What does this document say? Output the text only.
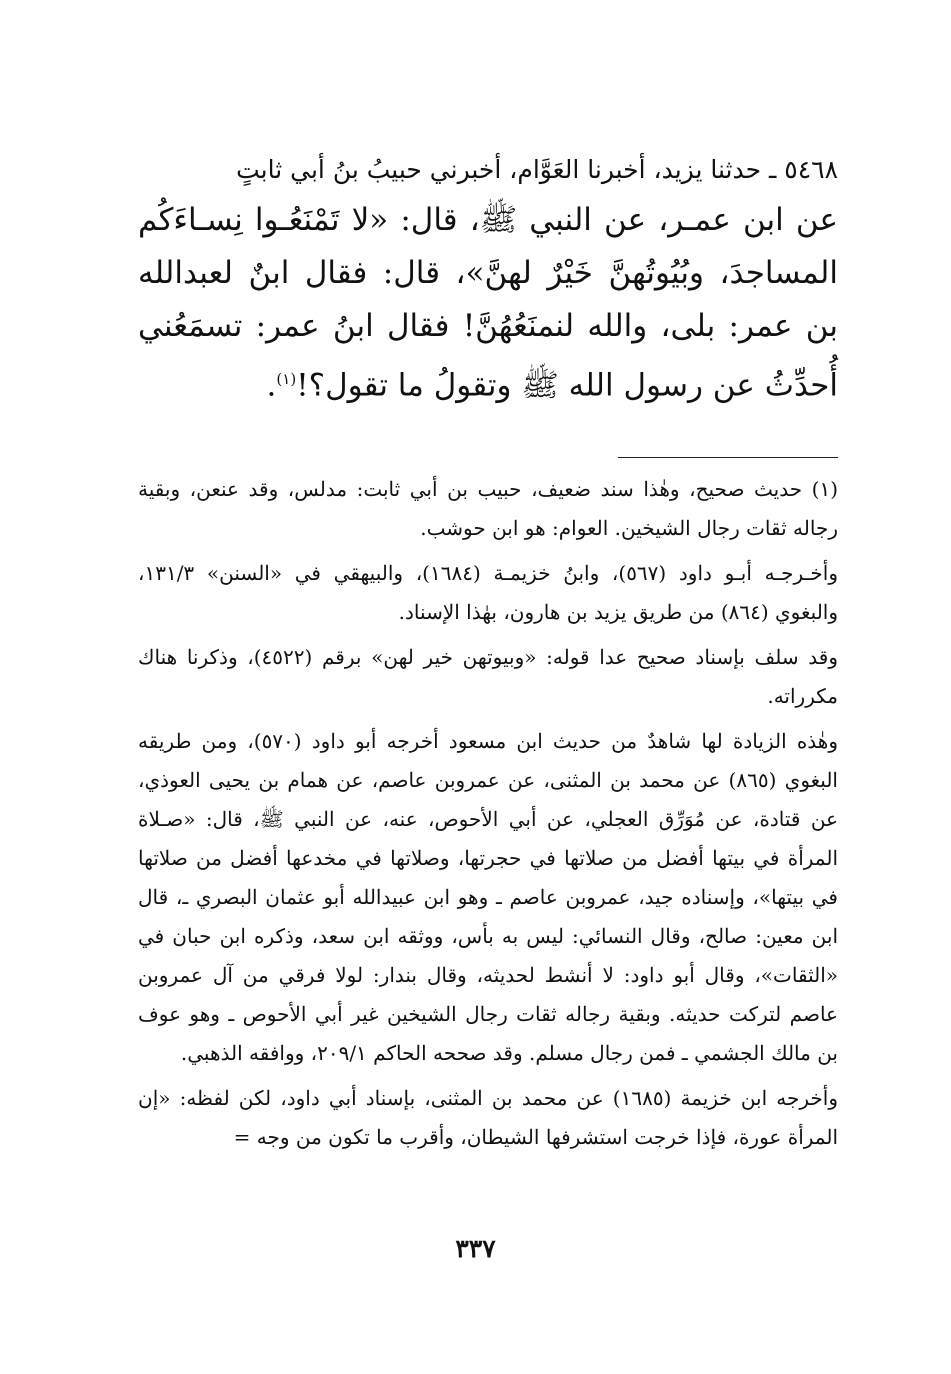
٥٤٦٨ ـ حدثنا يزيد، أخبرنا العَوَّام، أخبرني حبيبُ بنُ أبي ثابتٍ

عن ابن عمـر، عن النبي ﷺ، قال: «لا تَمْنَعُـوا نِسـاءَكُم المساجدَ، وبُيُوتُهنَّ خَيْرٌ لهنَّ»، قال: فقال ابنٌ لعبدالله بن عمر: بلى، والله لنمنَعُهُنَّ! فقال ابنُ عمر: تسمَعُني أُحدِّثُ عن رسول الله ﷺ وتقولُ ما تقول؟!$^{(١)}$.

(١) حديث صحيح، وهٰذا سند ضعيف، حبيب بن أبي ثابت: مدلس، وقد عنعن، وبقية رجاله ثقات رجال الشيخين. العوام: هو ابن حوشب.

وأخـرجـه أبـو داود (٥٦٧)، وابنُ خزيمـة (١٦٨٤)، والبيهقي في «السنن» ١٣١/٣، والبغوي (٨٦٤) من طريق يزيد بن هارون، بهٰذا الإسناد.

وقد سلف بإسناد صحيح عدا قوله: «وبيوتهن خير لهن» برقم (٤٥٢٢)، وذكرنا هناك مكرراته.

وهٰذه الزيادة لها شاهدٌ من حديث ابن مسعود أخرجه أبو داود (٥٧٠)، ومن طريقه البغوي (٨٦٥) عن محمد بن المثنى، عن عمروبن عاصم، عن همام بن يحيى العوذي، عن قتادة، عن مُوَرِّق العجلي، عن أبي الأحوص، عنه، عن النبي ﷺ، قال: «صـلاة المرأة في بيتها أفضل من صلاتها في حجرتها، وصلاتها في مخدعها أفضل من صلاتها في بيتها»، وإسناده جيد، عمروبن عاصم ـ وهو ابن عبيدالله أبو عثمان البصري ـ، قال ابن معين: صالح، وقال النسائي: ليس به بأس، ووثقه ابن سعد، وذكره ابن حبان في «الثقات»، وقال أبو داود: لا أنشط لحديثه، وقال بندار: لولا فرقي من آل عمروبن عاصم لتركت حديثه. وبقية رجاله ثقات رجال الشيخين غير أبي الأحوص ـ وهو عوف بن مالك الجشمي ـ فمن رجال مسلم. وقد صححه الحاكم ٢٠٩/١، ووافقه الذهبي.

وأخرجه ابن خزيمة (١٦٨٥) عن محمد بن المثنى، بإسناد أبي داود، لكن لفظه: «إن المرأة عورة، فإذا خرجت استشرفها الشيطان، وأقرب ما تكون من وجه =

٣٣٧
